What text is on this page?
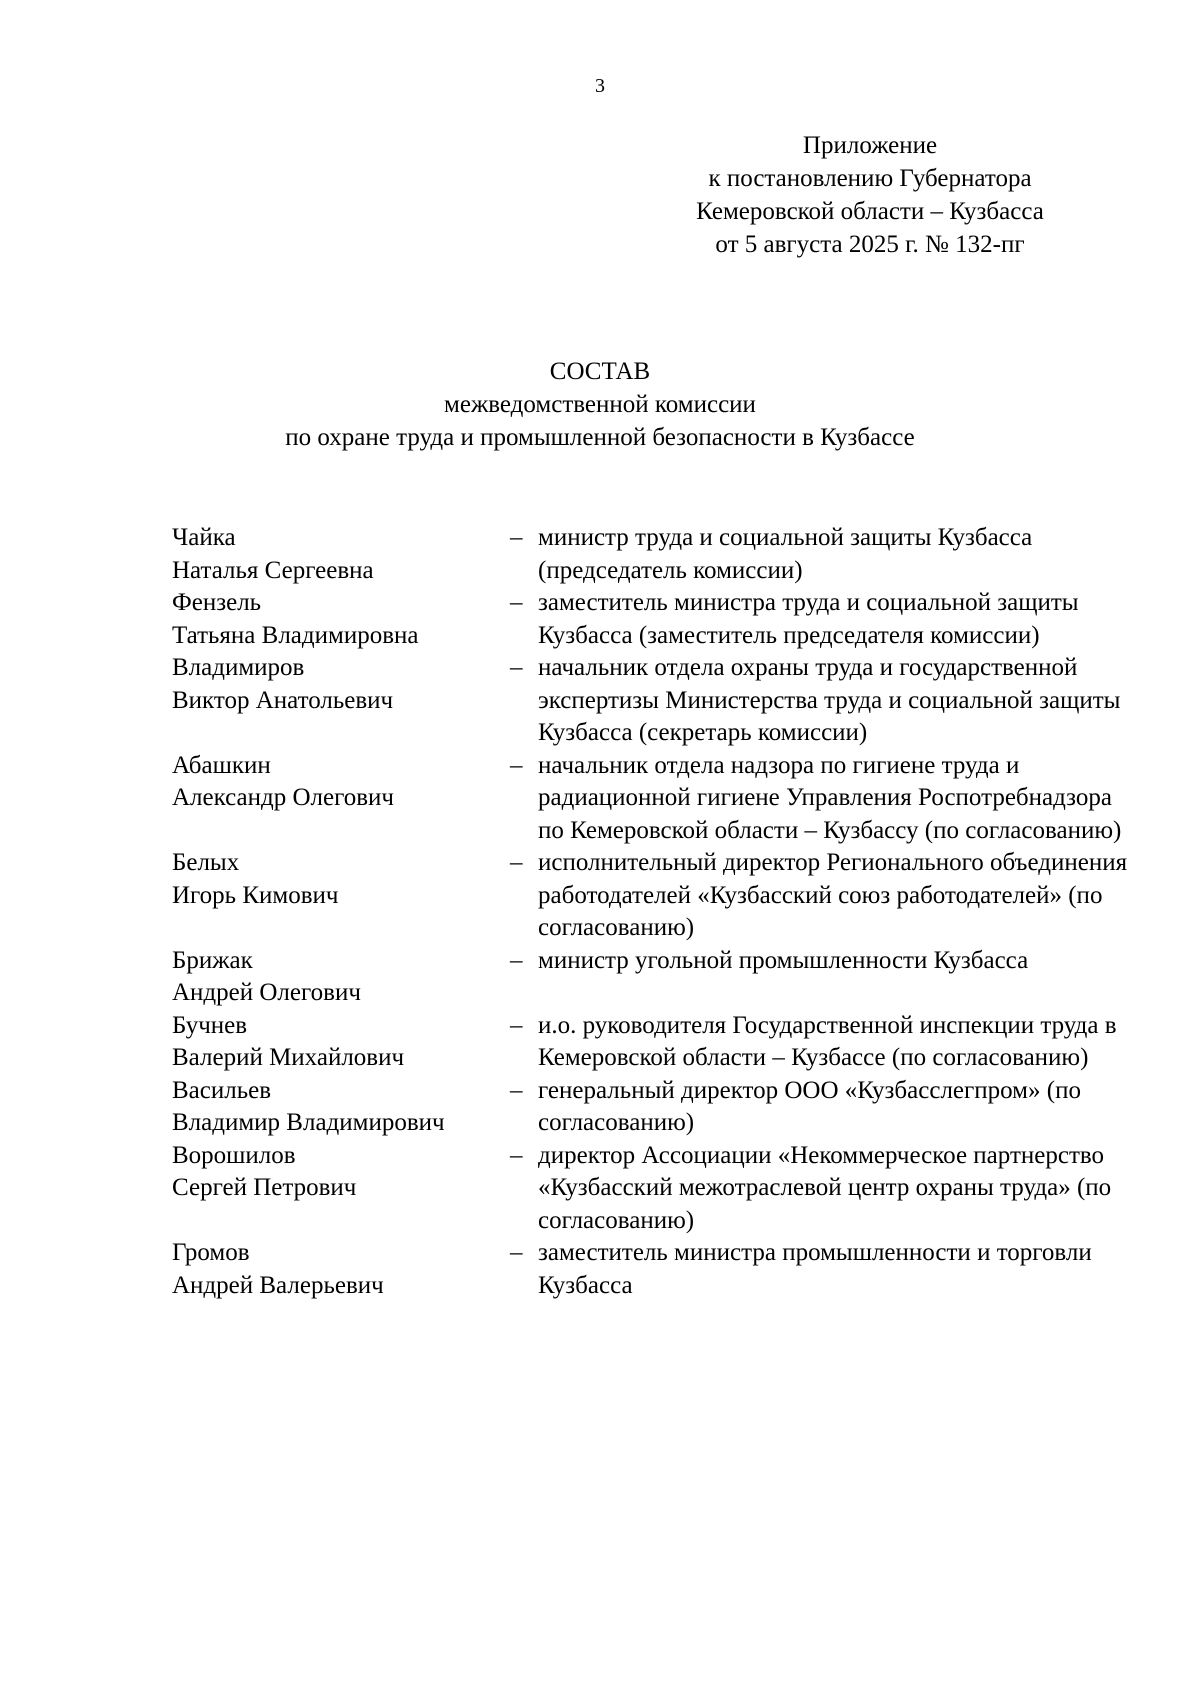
3
Приложение
к постановлению Губернатора
Кемеровской области – Кузбасса
от 5 августа 2025 г. № 132-пг
СОСТАВ
межведомственной комиссии
по охране труда и промышленной безопасности в Кузбассе
Чайка
Наталья Сергеевна
– министр труда и социальной защиты Кузбасса (председатель комиссии)
Фензель
Татьяна Владимировна
– заместитель министра труда и социальной защиты Кузбасса (заместитель председателя комиссии)
Владимиров
Виктор Анатольевич
– начальник отдела охраны труда и государственной экспертизы Министерства труда и социальной защиты Кузбасса (секретарь комиссии)
Абашкин
Александр Олегович
– начальник отдела надзора по гигиене труда и радиационной гигиене Управления Роспотребнадзора по Кемеровской области – Кузбассу (по согласованию)
Белых
Игорь Кимович
– исполнительный директор Регионального объединения работодателей «Кузбасский союз работодателей» (по согласованию)
Брижак
Андрей Олегович
– министр угольной промышленности Кузбасса
Бучнев
Валерий Михайлович
– и.о. руководителя Государственной инспекции труда в Кемеровской области – Кузбассе (по согласованию)
Васильев
Владимир Владимирович
– генеральный директор ООО «Кузбасслегпром» (по согласованию)
Ворошилов
Сергей Петрович
– директор Ассоциации «Некоммерческое партнерство «Кузбасский межотраслевой центр охраны труда» (по согласованию)
Громов
Андрей Валерьевич
– заместитель министра промышленности и торговли Кузбасса
